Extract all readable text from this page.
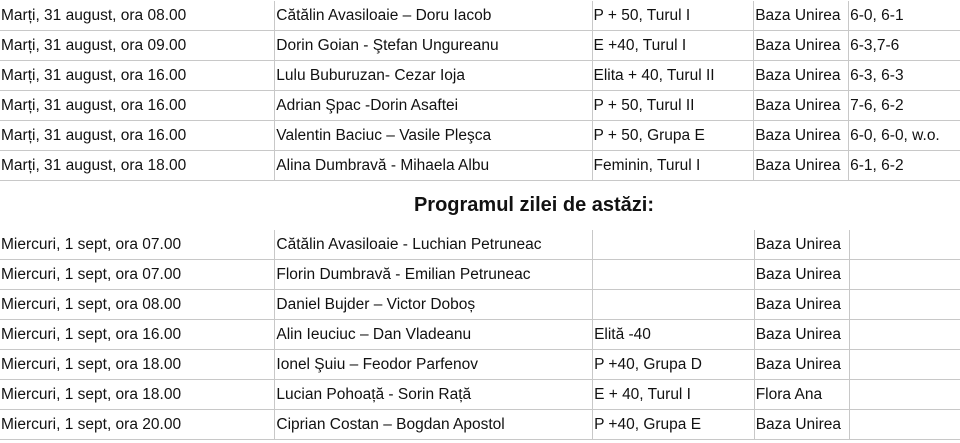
Marți, 31 august, ora 08.00	Cătălin Avasiloaie – Doru Iacob	P + 50, Turul I	Baza Unirea	6-0, 6-1
Marți, 31 august, ora 09.00	Dorin Goian - Ştefan Ungureanu	E +40, Turul I	Baza Unirea	6-3,7-6
Marți, 31 august, ora 16.00	Lulu Buburuzan- Cezar Ioja	Elita + 40, Turul II	Baza Unirea	6-3, 6-3
Marți, 31 august, ora 16.00	Adrian Şpac -Dorin Asaftei	P + 50, Turul II	Baza Unirea	7-6, 6-2
Marți, 31 august, ora 16.00	Valentin Baciuc – Vasile Pleşca	P + 50, Grupa E	Baza Unirea	6-0, 6-0, w.o.
Marți, 31 august, ora 18.00	Alina Dumbravă - Mihaela Albu	Feminin, Turul I	Baza Unirea	6-1, 6-2
Programul zilei de astăzi:
Miercuri, 1 sept, ora 07.00	Cătălin Avasiloaie - Luchian Petruneac		Baza Unirea	
Miercuri, 1 sept, ora 07.00	Florin Dumbravă - Emilian Petruneac		Baza Unirea	
Miercuri, 1 sept, ora 08.00	Daniel Bujder – Victor Doboș		Baza Unirea	
Miercuri, 1 sept, ora 16.00	Alin Ieuciuc – Dan Vladeanu	Elită -40	Baza Unirea	
Miercuri, 1 sept, ora 18.00	Ionel Şuiu – Feodor Parfenov	P +40, Grupa D	Baza Unirea	
Miercuri, 1 sept, ora 18.00	Lucian Pohoață - Sorin Rață	E + 40, Turul I	Flora Ana	
Miercuri, 1 sept, ora 20.00	Ciprian Costan – Bogdan Apostol	P +40, Grupa E	Baza Unirea	
